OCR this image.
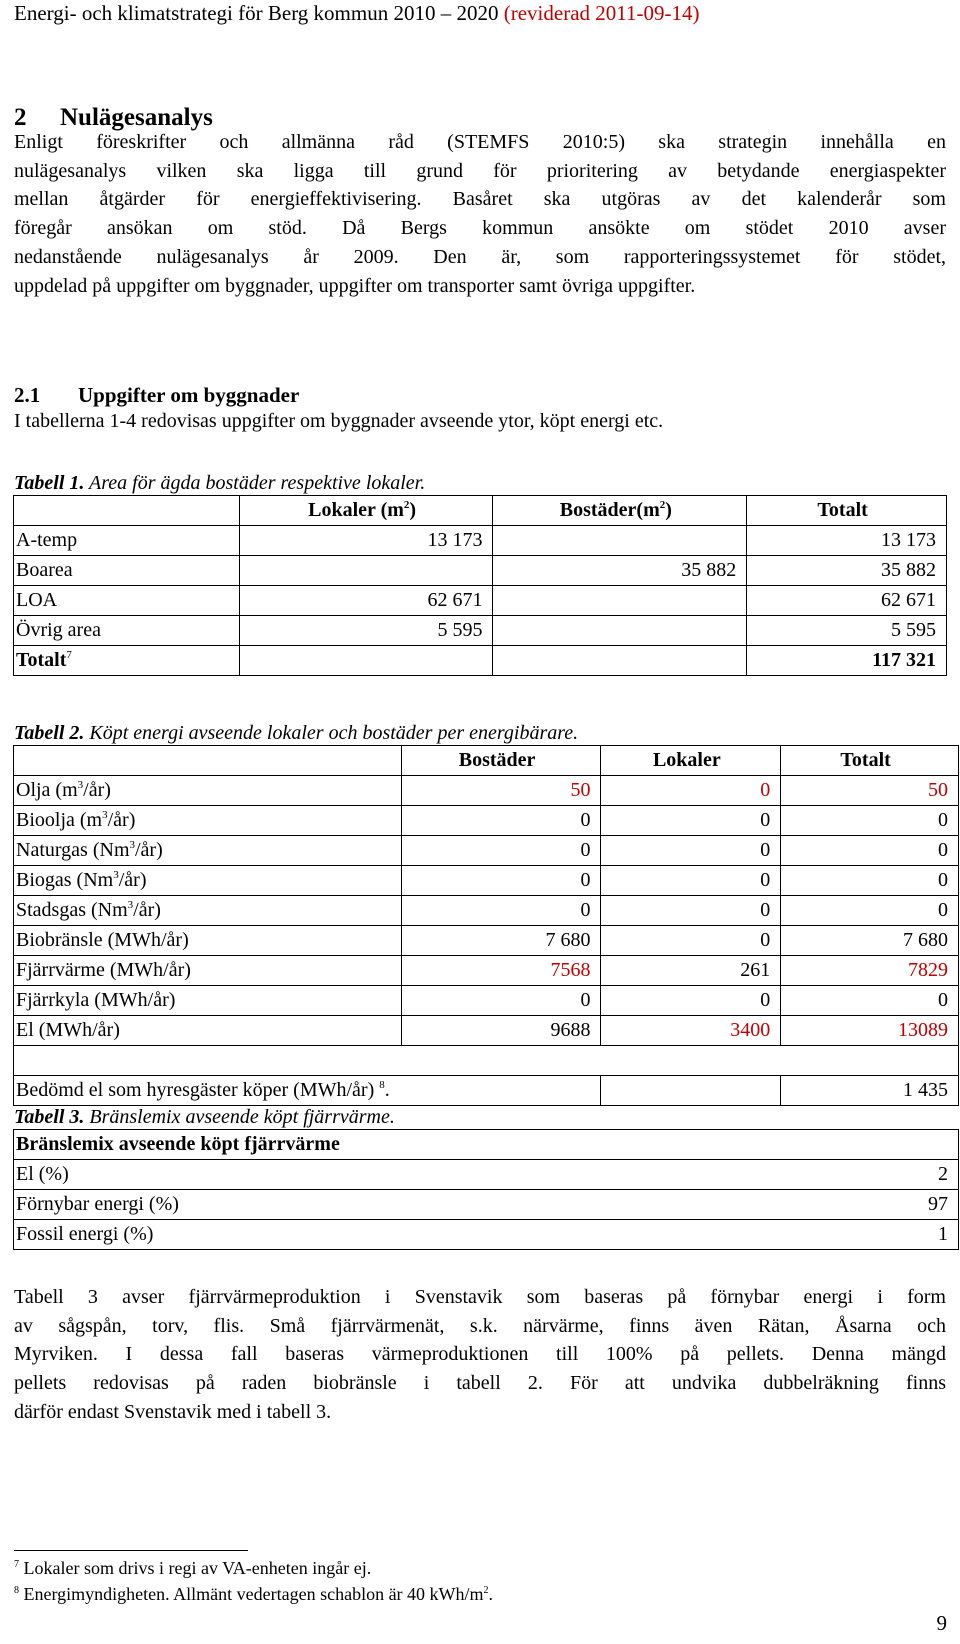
Energi- och klimatstrategi för Berg kommun 2010 – 2020 (reviderad 2011-09-14)
2 Nulägesanalys
Enligt föreskrifter och allmänna råd (STEMFS 2010:5) ska strategin innehålla en
nulägesanalys vilken ska ligga till grund för prioritering av betydande energiaspekter
mellan åtgärder för energieffektivisering. Basåret ska utgöras av det kalenderår som
föregår ansökan om stöd. Då Bergs kommun ansökte om stödet 2010 avser
nedanstående nulägesanalys år 2009. Den är, som rapporteringssystemet för stödet,
uppdelad på uppgifter om byggnader, uppgifter om transporter samt övriga uppgifter.
2.1 Uppgifter om byggnader
I tabellerna 1-4 redovisas uppgifter om byggnader avseende ytor, köpt energi etc.
Tabell 1. Area för ägda bostäder respektive lokaler.
	Lokaler $(m^2)$	$Bostäder(m^2)$	Totalt
A-temp	13 173		13 173
Boarea		35 882	35 882
LOA	62 671		62 671
Övrig area	5 595		5 595
Totalt$^7$			117 321
Tabell 2. Köpt energi avseende lokaler och bostäder per energibärare.
	Bostäder	Lokaler	Totalt
Olja $(m^3/år)$	50	0	50
Bioolja $(m^3/år)$	0	0	0
Naturgas (Nm$^3$/år)	0	0	0
Biogas (Nm$^3$/år)	0	0	0
Stadsgas (Nm$^3$/år)	0	0	0
Biobränsle (MWh/år)	7 680	0	7 680
Fjärrvärme (MWh/år)	7568	261	7829
Fjärrkyla (MWh/år)	0	0	0
El (MWh/år)	9688	3400	13089

Bedömd el som hyresgäster köper (MWh/år) $^8$.			1 435
Tabell 3. Bränslemix avseende köpt fjärrvärme.
Bränslemix avseende köpt fjärrvärme	
El (%)	2
Förnybar energi (%)	97
Fossil energi (%)	1
Tabell 3 avser fjärrvärmeproduktion i Svenstavik som baseras på förnybar energi i form
av sågspån, torv, flis. Små fjärrvärmenät, s.k. närvärme, finns även Rätan, Åsarna och
Myrviken. I dessa fall baseras värmeproduktionen till 100% på pellets. Denna mängd
pellets redovisas på raden biobränsle i tabell 2. För att undvika dubbelräkning finns
därför endast Svenstavik med i tabell 3.
$^7$ Lokaler som drivs i regi av VA-enheten ingår ej.
$^8$ Energimyndigheten. Allmänt vedertagen schablon är 40 kWh/$m^2$.
9
